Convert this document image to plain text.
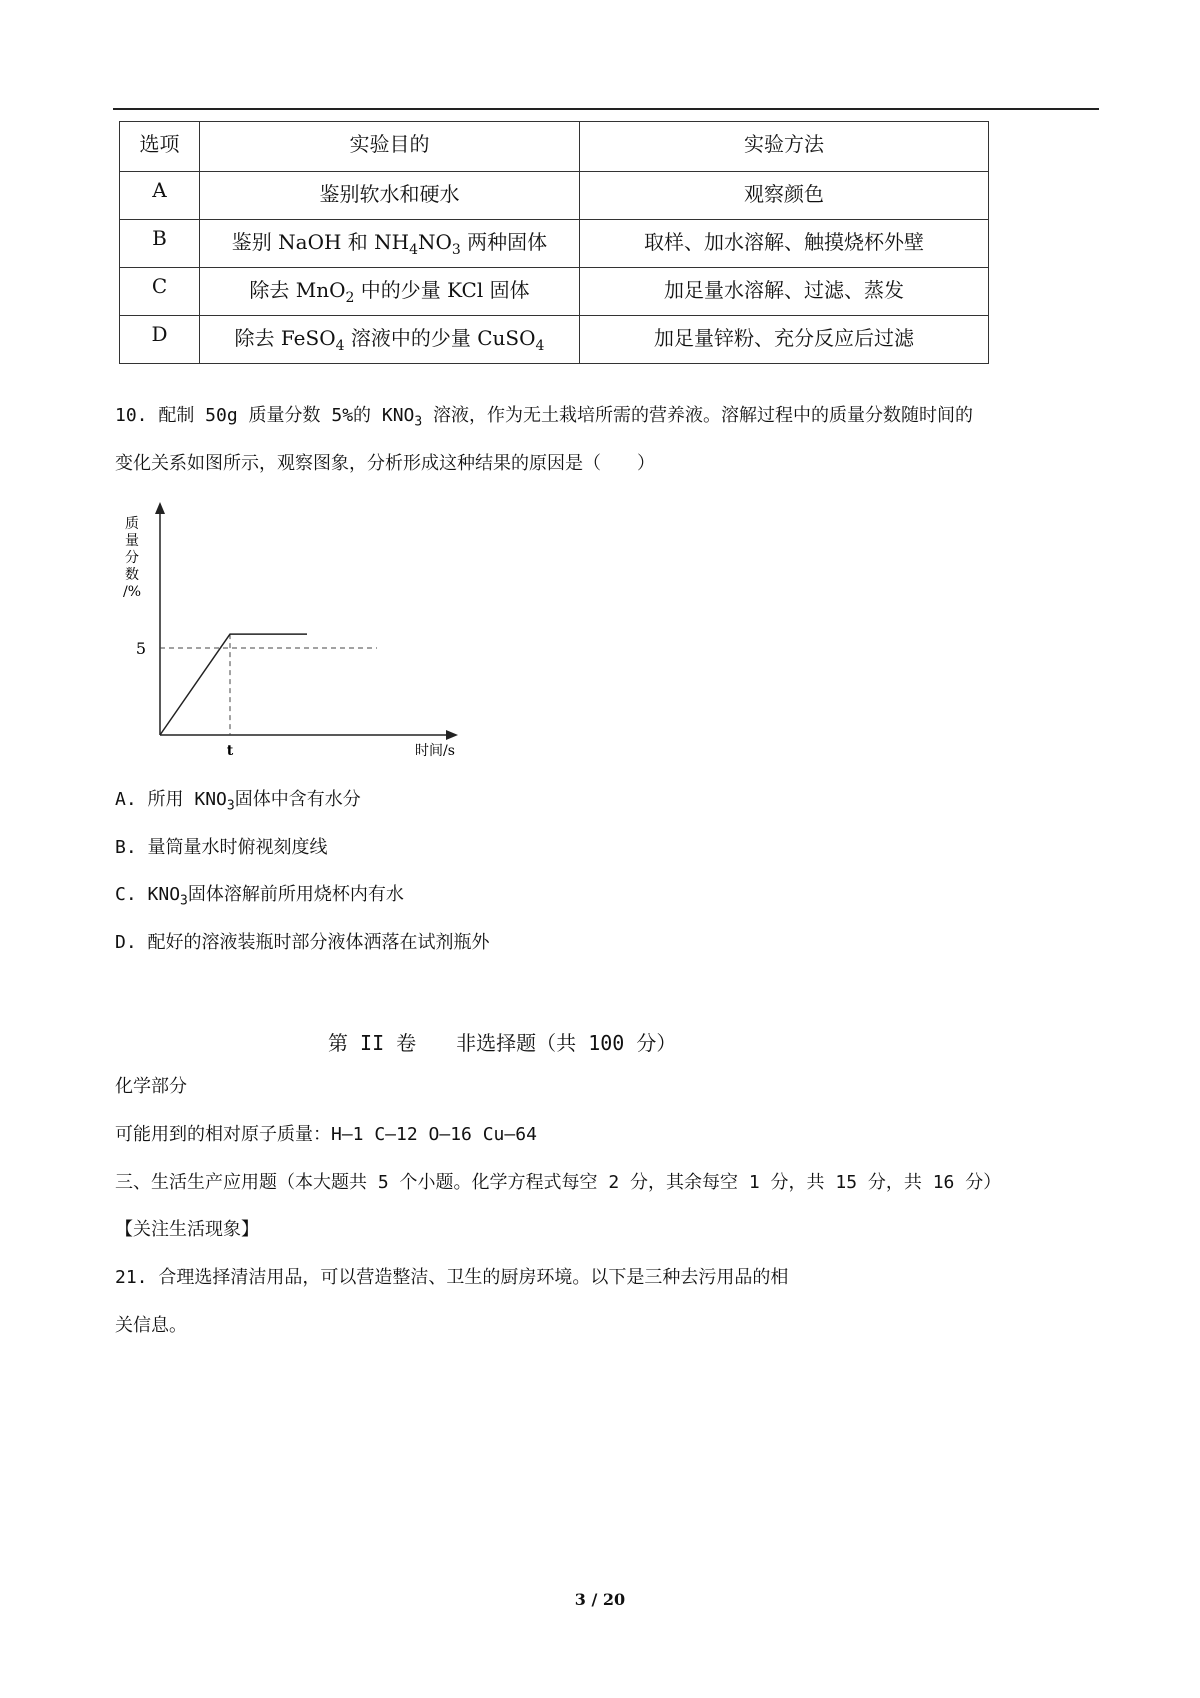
选项	实验目的	实验方法
A	鉴别软水和硬水	观察颜色
B	鉴别 NaOH 和 $NH_4NO_3$ 两种固体	取样、加水溶解、触摸烧杯外壁
C	除去 MnO$_2$ 中的少量 KCl 固体	加足量水溶解、过滤、蒸发
D	除去 FeSO$_4$ 溶液中的少量 CuSO$_4$	加足量锌粉、充分反应后过滤
10. 配制 50g 质量分数 5%的 $KNO_3$ 溶液，作为无土栽培所需的营养液。溶解过程中的质量分数随时间的
变化关系如图所示，观察图象，分析形成这种结果的原因是（　　）
质
量
分
数
/%
5
t	时间/s
A. 所用 $KNO_3$固体中含有水分
B. 量筒量水时俯视刻度线
C. $KNO_3$固体溶解前所用烧杯内有水
D. 配好的溶液装瓶时部分液体洒落在试剂瓶外
第 II 卷　　非选择题（共 100 分）
化学部分
可能用到的相对原子质量：H—1 C—12 O—16 Cu—64
三、生活生产应用题（本大题共 5 个小题。化学方程式每空 2 分，其余每空 1 分，共 15 分，共 16 分）
【关注生活现象】
21. 合理选择清洁用品，可以营造整洁、卫生的厨房环境。以下是三种去污用品的相
关信息。
3 / 20
